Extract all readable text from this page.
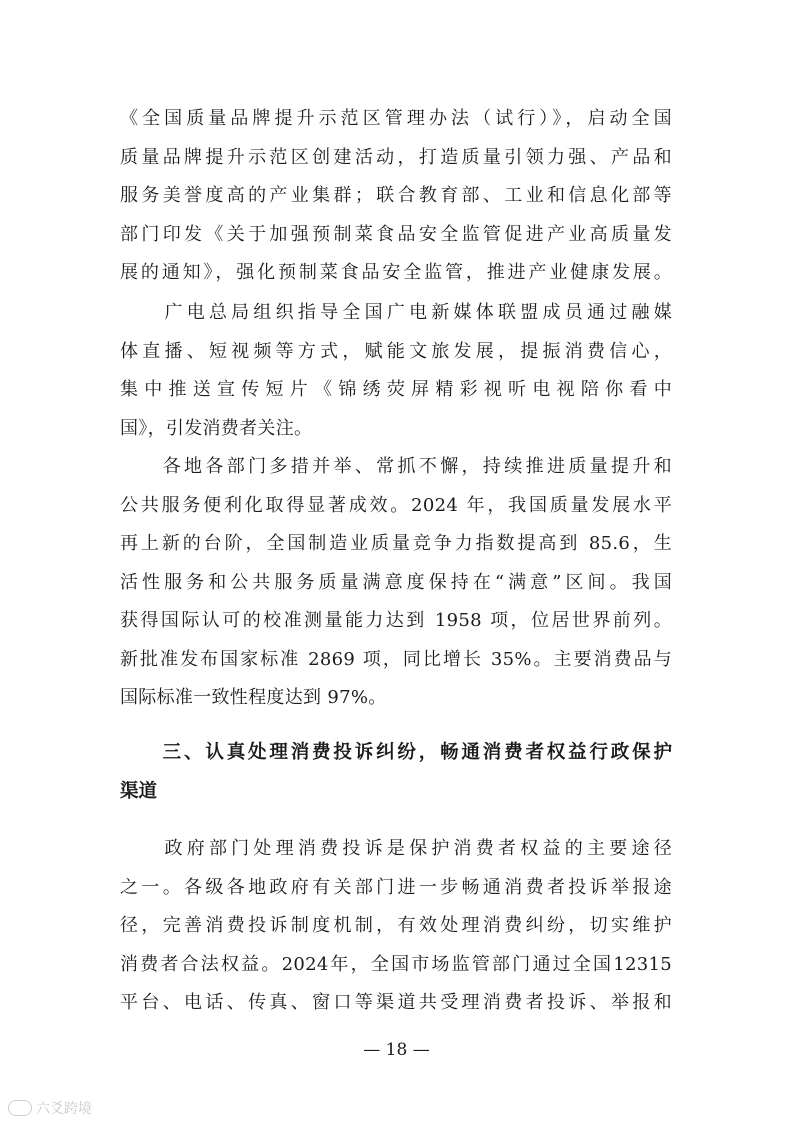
《全国质量品牌提升示范区管理办法（试行）》，启动全国
质量品牌提升示范区创建活动，打造质量引领力强、产品和
服务美誉度高的产业集群；联合教育部、工业和信息化部等
部门印发《关于加强预制菜食品安全监管促进产业高质量发
展的通知》，强化预制菜食品安全监管，推进产业健康发展。
　　广电总局组织指导全国广电新媒体联盟成员通过融媒
体直播、短视频等方式，赋能文旅发展，提振消费信心，
集中推送宣传短片《锦绣荧屏精彩视听电视陪你看中
国》，引发消费者关注。
　　各地各部门多措并举、常抓不懈，持续推进质量提升和
公共服务便利化取得显著成效。2024 年，我国质量发展水平
再上新的台阶，全国制造业质量竞争力指数提高到 85.6，生
活性服务和公共服务质量满意度保持在“满意”区间。我国
获得国际认可的校准测量能力达到 1958 项，位居世界前列。
新批准发布国家标准 2869 项，同比增长 35%。主要消费品与
国际标准一致性程度达到 97%。
　　三、认真处理消费投诉纠纷，畅通消费者权益行政保护
渠道
　　政府部门处理消费投诉是保护消费者权益的主要途径
之一。各级各地政府有关部门进一步畅通消费者投诉举报途
径，完善消费投诉制度机制，有效处理消费纠纷，切实维护
消费者合法权益。2024年，全国市场监管部门通过全国12315
平台、电话、传真、窗口等渠道共受理消费者投诉、举报和
— 18 —
六爻跨境
